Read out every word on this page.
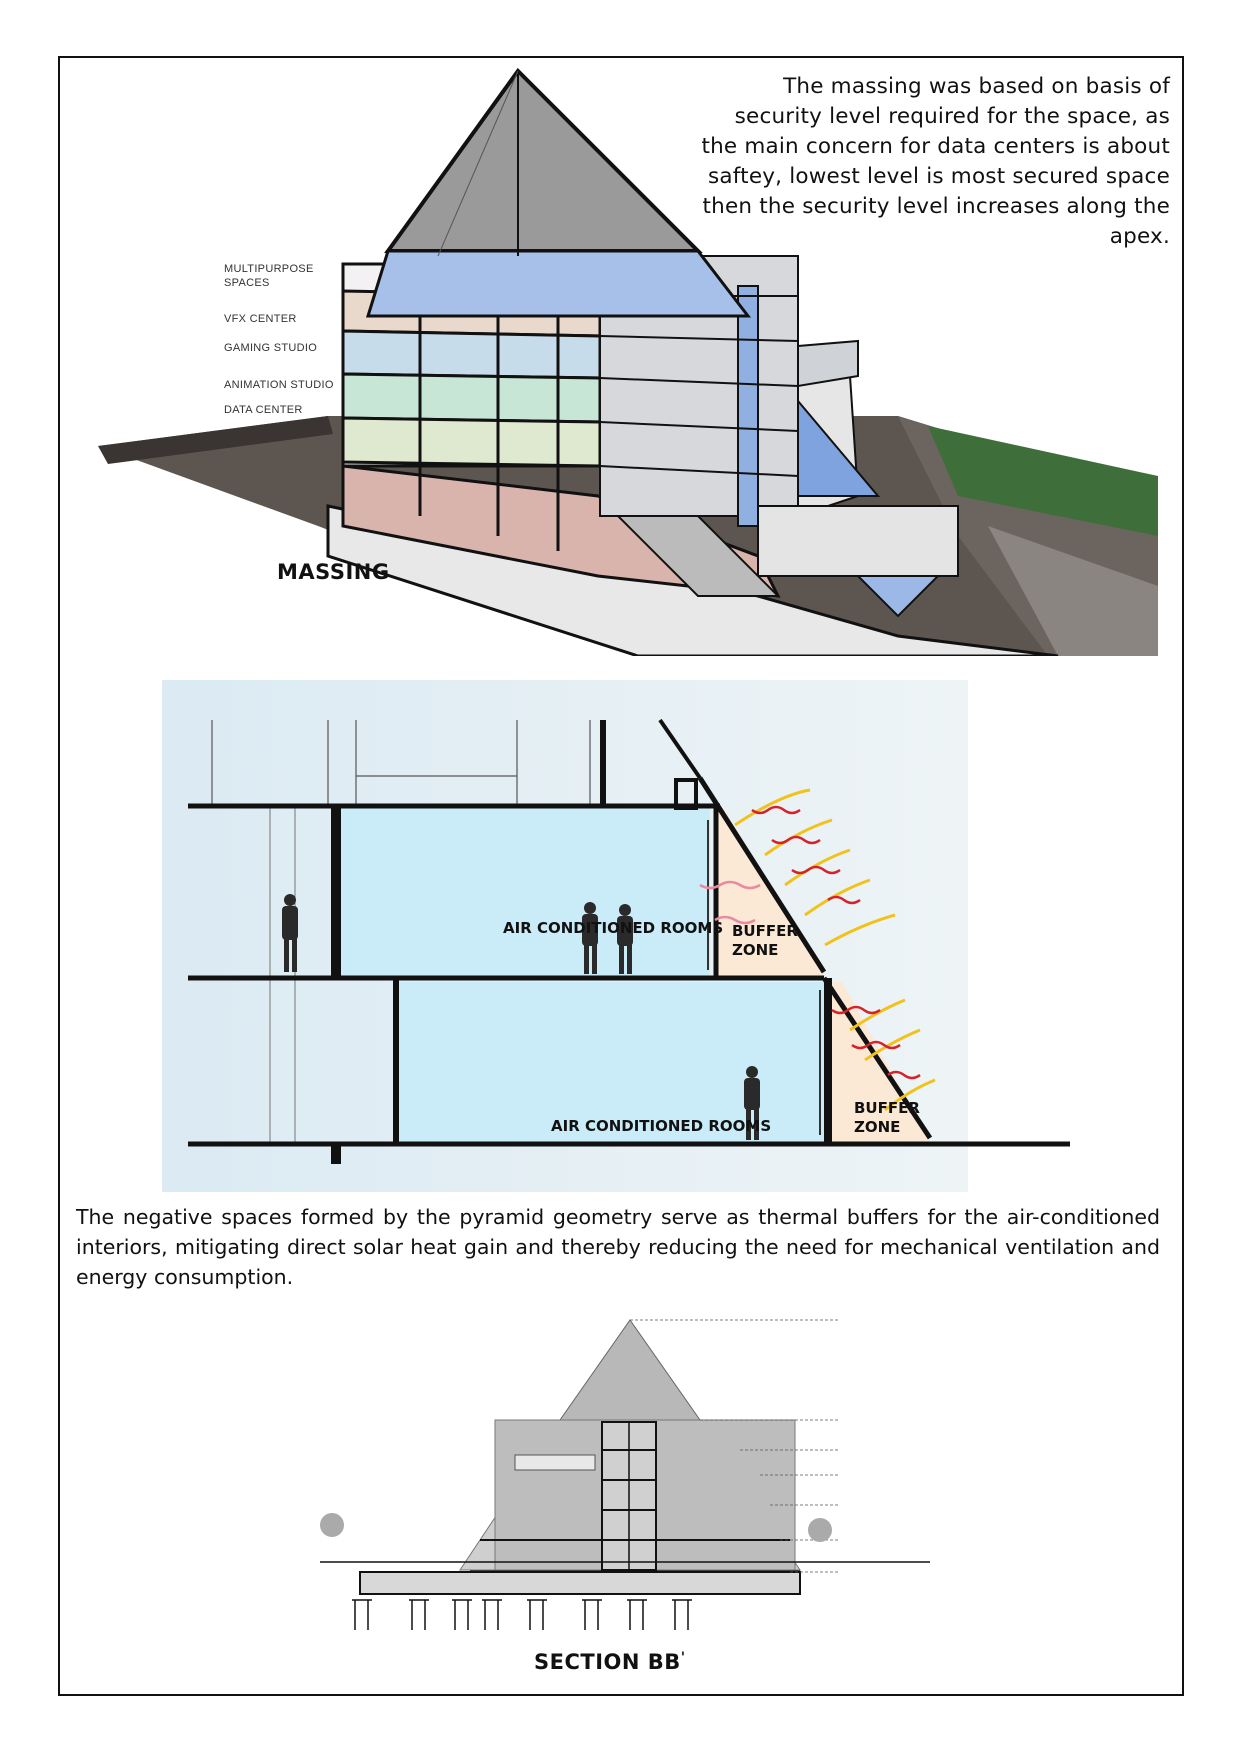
The massing was based on basis of security level required for the space, as the main concern for data centers is about saftey, lowest level is most secured space then the security level increases along the apex.
MULTIPURPOSE SPACES
VFX CENTER
GAMING STUDIO
ANIMATION STUDIO
DATA CENTER
MASSING
AIR CONDITIONED ROOMS BUFFER
ZONE
AIR CONDITIONED ROOMS
BUFFER
ZONE
The negative spaces formed by the pyramid geometry serve as thermal buffers for the air-conditioned interiors, mitigating direct solar heat gain and thereby reducing the need for mechanical ventilation and energy consumption.
SECTION BB'
